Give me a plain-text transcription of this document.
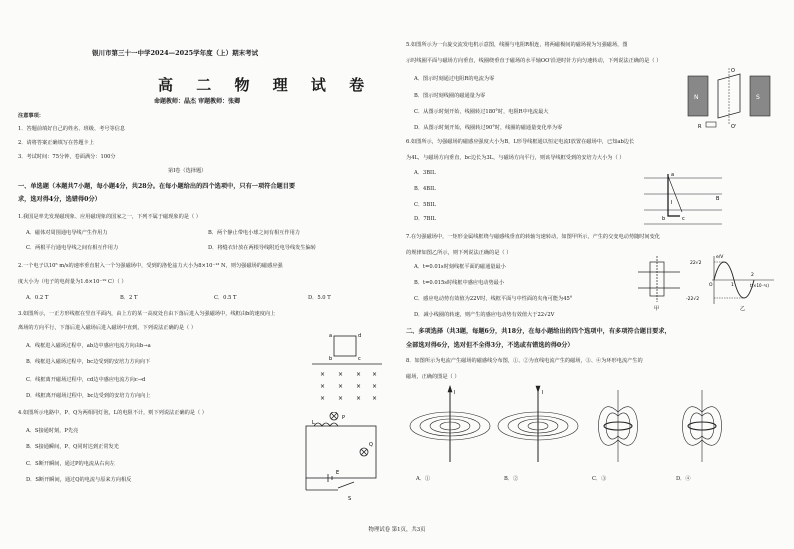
银川市第三十一中学2024—2025学年度（上）期末考试
高 二 物 理 试 卷
命题教师：晶杰 审题教师：张卿
注意事项：
1．答题前填好自己的姓名、班级、考号等信息
2．请将答案正确填写在答题卡上
3．考试时间：75分钟，卷面满分：100分
第Ⅰ卷（选择题）
一、单选题（本题共7小题，每小题4分，共28分。在每小题给出的四个选项中，只有一项符合题目要
求，选对得4分，选错得0分）
1.我国是率先发现磁现象、应用磁现象的国家之一，下列不属于磁现象的是（ ）
A．磁体对周围通电导线产生作用力	B．两个静止带电小球之间有相互作用力
C．两根平行通电导线之间有相互作用力	D．将缝衣针放在两根导线附近电导线发生偏转
2.一个电子以10⁵ m/s的速率垂直射入一个匀强磁场中，受到的洛伦兹力大小为8×10⁻¹³ N，则匀强磁场的磁感应强
度大小为（电子的电荷量为1.6×10⁻¹⁹ C）（ ）
A．0.2 T	B．2 T	C．0.5 T	D．5.0 T
3.如图所示，一正方形线框在竖直平面内，由上方的某一高度处自由下落后进入匀强磁场中，线框由b的速度向上
离场的方向平行，下落后进入磁场后进入磁场中直到，下列说法正确的是（ ）
A．线框进入磁场过程中，ab边中感应电流方向由b→a
B．线框进入磁场过程中，bc边受到的安培力方向向下
C．线框离开磁场过程中，cd边中感应电流方向c→d
D．线框离开磁场过程中，bc边受到的安培力方向向上
a	d
b	c
× × × ×
× × × ×
× × × ×
4.如图所示电路中，P、Q为两相同灯泡，L的电阻不计，则下列说法正确的是（ ）
A．S接通时刻，P先亮
B．S接通瞬间，P、Q同时达到正常发光
C．S断开瞬间，通过P的电流从右向左
D．S断开瞬间，通过Q的电流与原来方向相反
L
P
Q
E
S
5.如图所示为一台旋交流发电机示意图，线圈与电阻R相连，将两磁极间的磁场视为匀强磁场，图
示时线圈平面与磁场方向垂直，线圈绕垂直于磁场的水平轴OO'沿逆时针方向匀速转动，下列说法正确的是（ ）
A．图示时刻通过电阻R的电流为零
B．图示时刻线圈的磁通量为零
C．从图示时刻开始，线圈转过180°时，电阻R中电流最大
D．从图示时刻开始，线圈转过90°时，线圈的磁通量变化率为零
N	S
O
O'
R
6.如图所示，匀强磁场的磁感应强度大小为B，L形导线框通以恒定电流I放置在磁场中，已知ab边长
为4L，与磁场方向垂直，bc边长为3L，与磁场方向平行，则该导线框受到的安培力大小为（ ）
A．3BIL
B．4BIL
C．5BIL
D．7BIL
a
b	c
I
B
7.在匀强磁场中，一矩形金属线框绕与磁感线垂直的转轴匀速转动，如图甲所示，产生的交变电动势随时间变化
的规律如图乙所示，则下列说法正确的是（ ）
A．t=0.01s时刻线框平面的磁通量最小
B．t=0.015s时线框中感应电动势最小
C．感应电动势有效值为22V时，线框平面与中性面的夹角可能为45°
D．减小线圈的转速，则产生的感应电动势有效值大于22√2V
甲
22√2
-22√2
e/V
t(×10⁻²s)
O	1
2
乙
二、多项选择（共3题，每题6分，共18分，在每小题给出的四个选项中，有多项符合题目要求，
全部选对得6分，选对但不全得3分，不选或有错选的得0分）
8．如图所示为电流产生磁场的磁感线分布图，①、②为直线电流产生的磁场，③、④为环形电流产生的
磁场，正确的图是（ ）
I	I
A．①	B．②	C．③	D．④
物理试卷 第1页，共3页
